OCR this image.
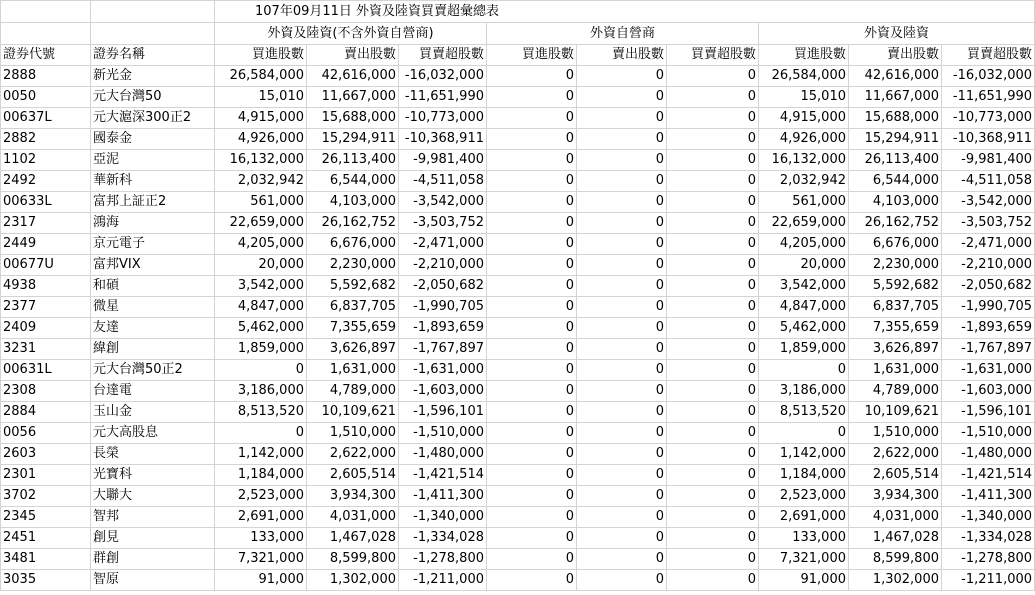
		107年09月11日 外資及陸資買賣超彙總表								
		外資及陸資(不含外資自營商)			外資自營商			外資及陸資		
證券代號	證券名稱	買進股數	賣出股數	買賣超股數	買進股數	賣出股數	買賣超股數	買進股數	賣出股數	買賣超股數
2888	新光金	26,584,000	42,616,000	-16,032,000	0	0	0	26,584,000	42,616,000	-16,032,000
0050	元大台灣50	15,010	11,667,000	-11,651,990	0	0	0	15,010	11,667,000	-11,651,990
00637L	元大滬深300正2	4,915,000	15,688,000	-10,773,000	0	0	0	4,915,000	15,688,000	-10,773,000
2882	國泰金	4,926,000	15,294,911	-10,368,911	0	0	0	4,926,000	15,294,911	-10,368,911
1102	亞泥	16,132,000	26,113,400	-9,981,400	0	0	0	16,132,000	26,113,400	-9,981,400
2492	華新科	2,032,942	6,544,000	-4,511,058	0	0	0	2,032,942	6,544,000	-4,511,058
00633L	富邦上証正2	561,000	4,103,000	-3,542,000	0	0	0	561,000	4,103,000	-3,542,000
2317	鴻海	22,659,000	26,162,752	-3,503,752	0	0	0	22,659,000	26,162,752	-3,503,752
2449	京元電子	4,205,000	6,676,000	-2,471,000	0	0	0	4,205,000	6,676,000	-2,471,000
00677U	富邦VIX	20,000	2,230,000	-2,210,000	0	0	0	20,000	2,230,000	-2,210,000
4938	和碩	3,542,000	5,592,682	-2,050,682	0	0	0	3,542,000	5,592,682	-2,050,682
2377	微星	4,847,000	6,837,705	-1,990,705	0	0	0	4,847,000	6,837,705	-1,990,705
2409	友達	5,462,000	7,355,659	-1,893,659	0	0	0	5,462,000	7,355,659	-1,893,659
3231	緯創	1,859,000	3,626,897	-1,767,897	0	0	0	1,859,000	3,626,897	-1,767,897
00631L	元大台灣50正2	0	1,631,000	-1,631,000	0	0	0	0	1,631,000	-1,631,000
2308	台達電	3,186,000	4,789,000	-1,603,000	0	0	0	3,186,000	4,789,000	-1,603,000
2884	玉山金	8,513,520	10,109,621	-1,596,101	0	0	0	8,513,520	10,109,621	-1,596,101
0056	元大高股息	0	1,510,000	-1,510,000	0	0	0	0	1,510,000	-1,510,000
2603	長榮	1,142,000	2,622,000	-1,480,000	0	0	0	1,142,000	2,622,000	-1,480,000
2301	光寶科	1,184,000	2,605,514	-1,421,514	0	0	0	1,184,000	2,605,514	-1,421,514
3702	大聯大	2,523,000	3,934,300	-1,411,300	0	0	0	2,523,000	3,934,300	-1,411,300
2345	智邦	2,691,000	4,031,000	-1,340,000	0	0	0	2,691,000	4,031,000	-1,340,000
2451	創見	133,000	1,467,028	-1,334,028	0	0	0	133,000	1,467,028	-1,334,028
3481	群創	7,321,000	8,599,800	-1,278,800	0	0	0	7,321,000	8,599,800	-1,278,800
3035	智原	91,000	1,302,000	-1,211,000	0	0	0	91,000	1,302,000	-1,211,000
